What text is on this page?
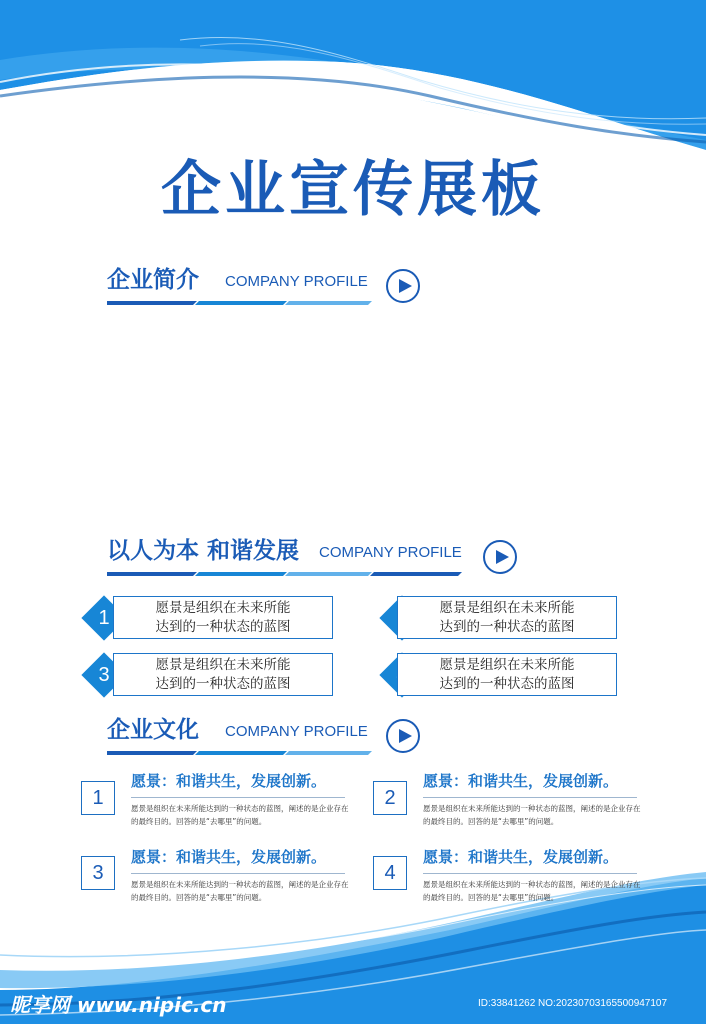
企业宣传展板
企业简介 COMPANY PROFILE
以人为本 和谐发展 COMPANY PROFILE
1	愿景是组织在未来所能
达到的一种状态的蓝图
愿景是组织在未来所能
达到的一种状态的蓝图
3	愿景是组织在未来所能
达到的一种状态的蓝图
愿景是组织在未来所能
达到的一种状态的蓝图
企业文化 COMPANY PROFILE
1
愿景：和谐共生，发展创新。
愿景是组织在未来所能达到的一种状态的蓝图，阐述的是企业存在的最终目的。回答的是“去哪里”的问题。
2
愿景：和谐共生，发展创新。
愿景是组织在未来所能达到的一种状态的蓝图，阐述的是企业存在的最终目的。回答的是“去哪里”的问题。
3
愿景：和谐共生，发展创新。
愿景是组织在未来所能达到的一种状态的蓝图，阐述的是企业存在的最终目的。回答的是“去哪里”的问题。
4
愿景：和谐共生，发展创新。
愿景是组织在未来所能达到的一种状态的蓝图，阐述的是企业存在的最终目的。回答的是“去哪里”的问题。
昵享网 www.nipic.cn	ID:33841262 NO:20230703165500947107
